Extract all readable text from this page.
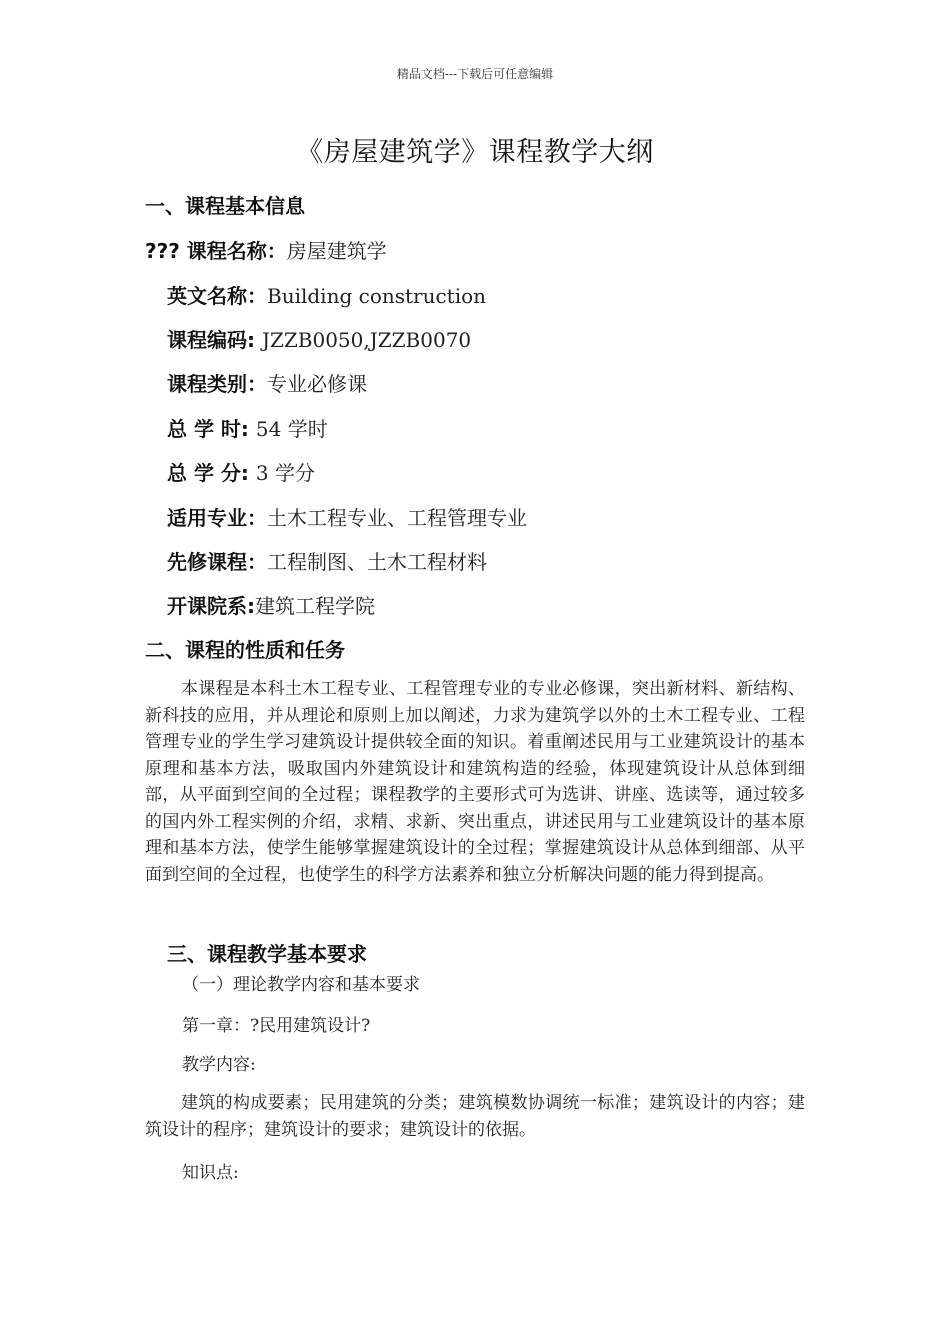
精品文档---下载后可任意编辑
《房屋建筑学》课程教学大纲
一、课程基本信息
??? 课程名称：房屋建筑学
英文名称：Building construction
课程编码: JZZB0050,JZZB0070
课程类别：专业必修课
总 学 时: 54 学时
总 学 分: 3 学分
适用专业：土木工程专业、工程管理专业
先修课程：工程制图、土木工程材料
开课院系:建筑工程学院
二、课程的性质和任务
本课程是本科土木工程专业、工程管理专业的专业必修课，突出新材料、新结构、新科技的应用，并从理论和原则上加以阐述，力求为建筑学以外的土木工程专业、工程管理专业的学生学习建筑设计提供较全面的知识。着重阐述民用与工业建筑设计的基本原理和基本方法，吸取国内外建筑设计和建筑构造的经验，体现建筑设计从总体到细部，从平面到空间的全过程；课程教学的主要形式可为选讲、讲座、选读等，通过较多的国内外工程实例的介绍，求精、求新、突出重点，讲述民用与工业建筑设计的基本原理和基本方法，使学生能够掌握建筑设计的全过程；掌握建筑设计从总体到细部、从平面到空间的全过程，也使学生的科学方法素养和独立分析解决问题的能力得到提高。
三、课程教学基本要求
（一）理论教学内容和基本要求
第一章：?民用建筑设计?
教学内容:
建筑的构成要素；民用建筑的分类；建筑模数协调统一标准；建筑设计的内容；建筑设计的程序；建筑设计的要求；建筑设计的依据。
知识点:
